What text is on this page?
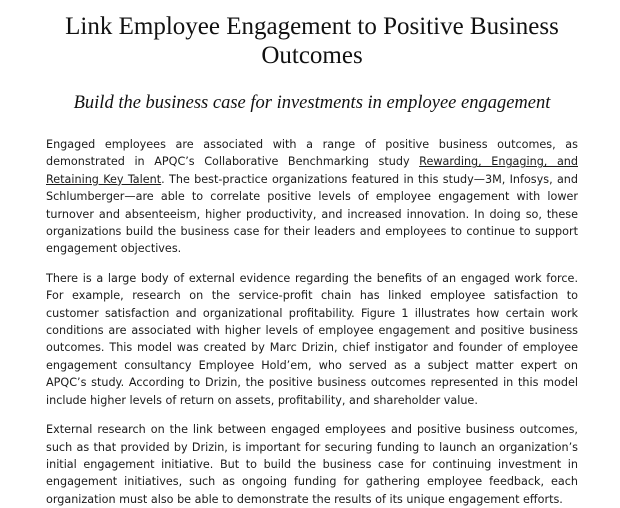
Link Employee Engagement to Positive Business Outcomes
Build the business case for investments in employee engagement

Engaged employees are associated with a range of positive business outcomes, as demonstrated in APQC’s Collaborative Benchmarking study Rewarding, Engaging, and Retaining Key Talent. The best-practice organizations featured in this study—3M, Infosys, and Schlumberger—are able to correlate positive levels of employee engagement with lower turnover and absenteeism, higher productivity, and increased innovation. In doing so, these organizations build the business case for their leaders and employees to continue to support engagement objectives.

There is a large body of external evidence regarding the benefits of an engaged work force. For example, research on the service-profit chain has linked employee satisfaction to customer satisfaction and organizational profitability. Figure 1 illustrates how certain work conditions are associated with higher levels of employee engagement and positive business outcomes. This model was created by Marc Drizin, chief instigator and founder of employee engagement consultancy Employee Hold’em, who served as a subject matter expert on APQC’s study. According to Drizin, the positive business outcomes represented in this model include higher levels of return on assets, profitability, and shareholder value.

External research on the link between engaged employees and positive business outcomes, such as that provided by Drizin, is important for securing funding to launch an organization’s initial engagement initiative. But to build the business case for continuing investment in engagement initiatives, such as ongoing funding for gathering employee feedback, each organization must also be able to demonstrate the results of its unique engagement efforts.
